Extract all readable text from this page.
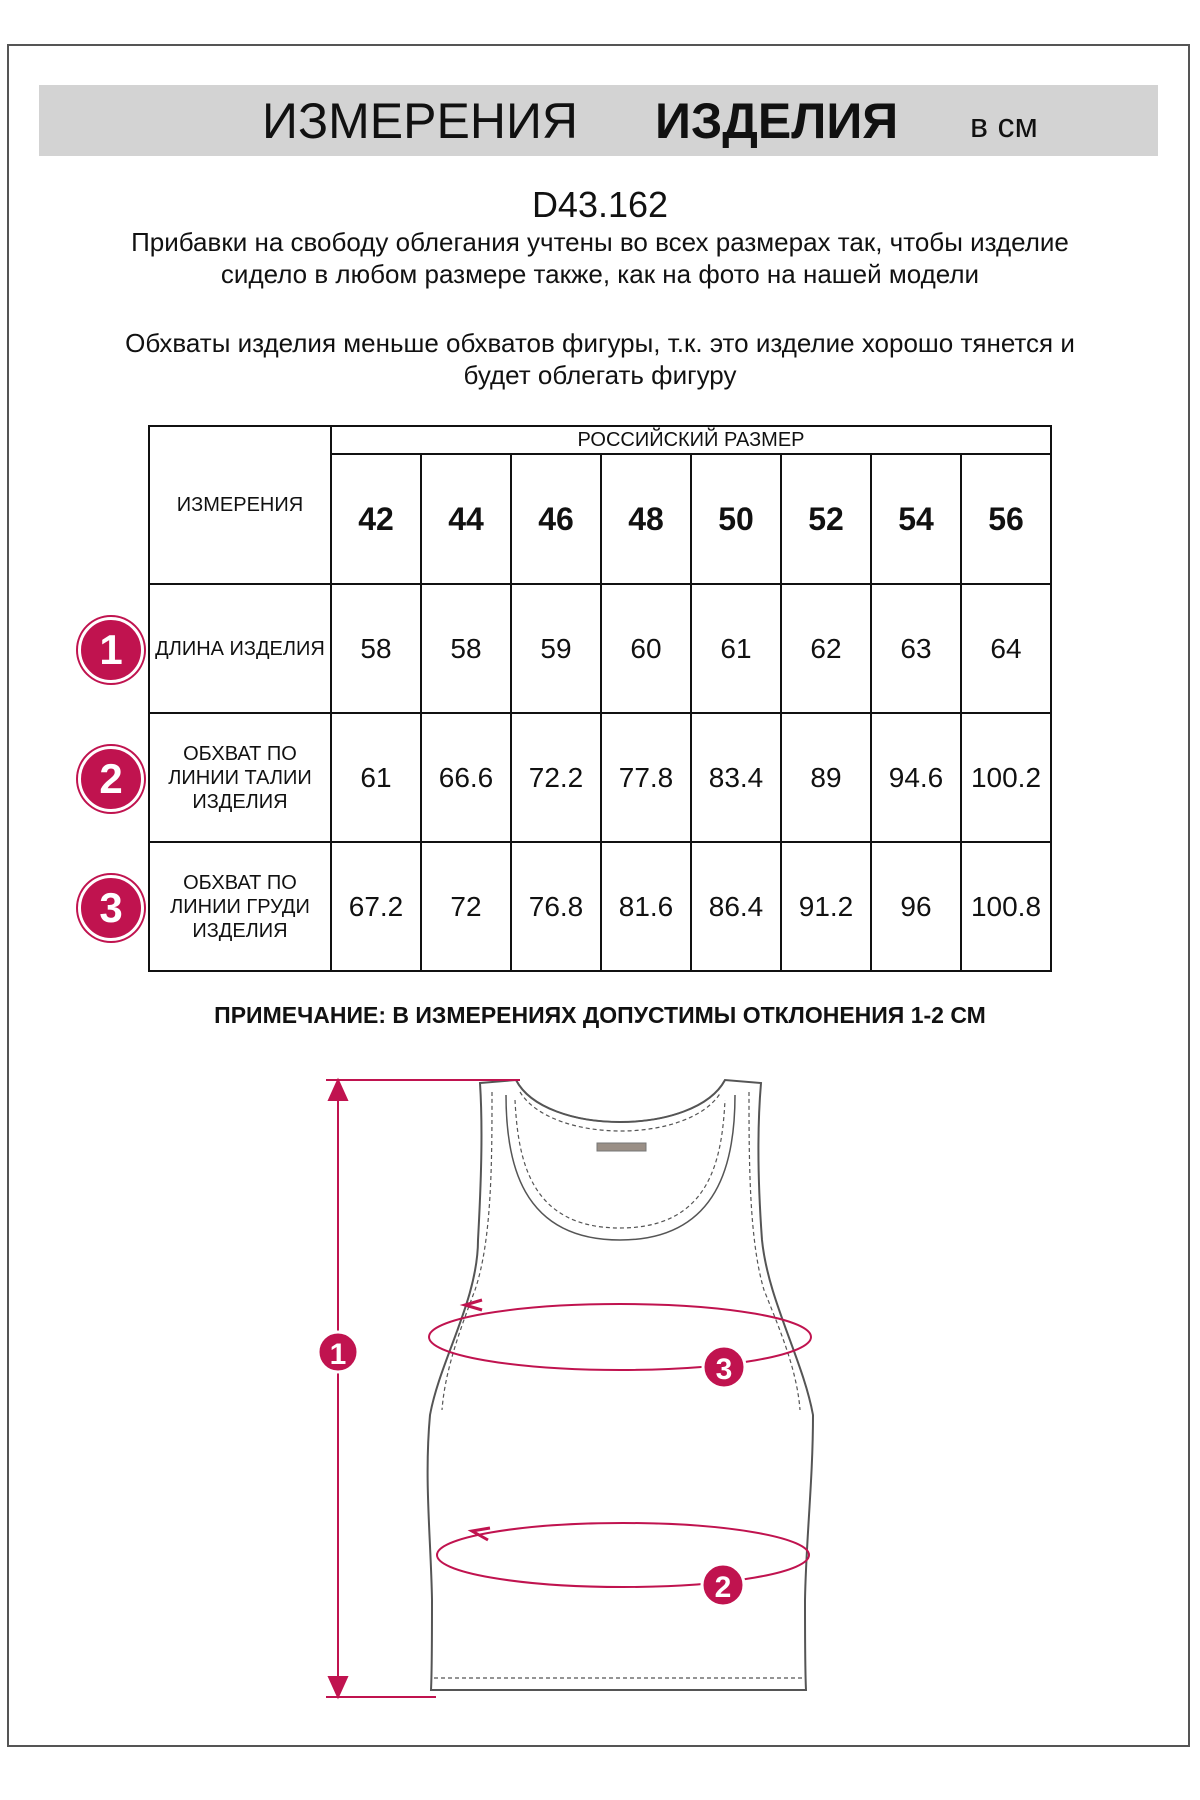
ИЗМЕРЕНИЯ ИЗДЕЛИЯ в см
D43.162
Прибавки на свободу облегания учтены во всех размерах так, чтобы изделие сидело в любом размере также, как на фото на нашей модели
Обхваты изделия меньше обхватов фигуры, т.к. это изделие хорошо тянется и будет облегать фигуру
ИЗМЕРЕНИЯ	РОССИЙСКИЙ РАЗМЕР							
	42	44	46	48	50	52	54	56
ДЛИНА ИЗДЕЛИЯ	58	58	59	60	61	62	63	64
ОБХВАТ ПО ЛИНИИ ТАЛИИ ИЗДЕЛИЯ	61	66.6	72.2	77.8	83.4	89	94.6	100.2
ОБХВАТ ПО ЛИНИИ ГРУДИ ИЗДЕЛИЯ	67.2	72	76.8	81.6	86.4	91.2	96	100.8
1
2
3
ПРИМЕЧАНИЕ: В ИЗМЕРЕНИЯХ ДОПУСТИМЫ ОТКЛОНЕНИЯ 1-2 СМ
1	3
2
